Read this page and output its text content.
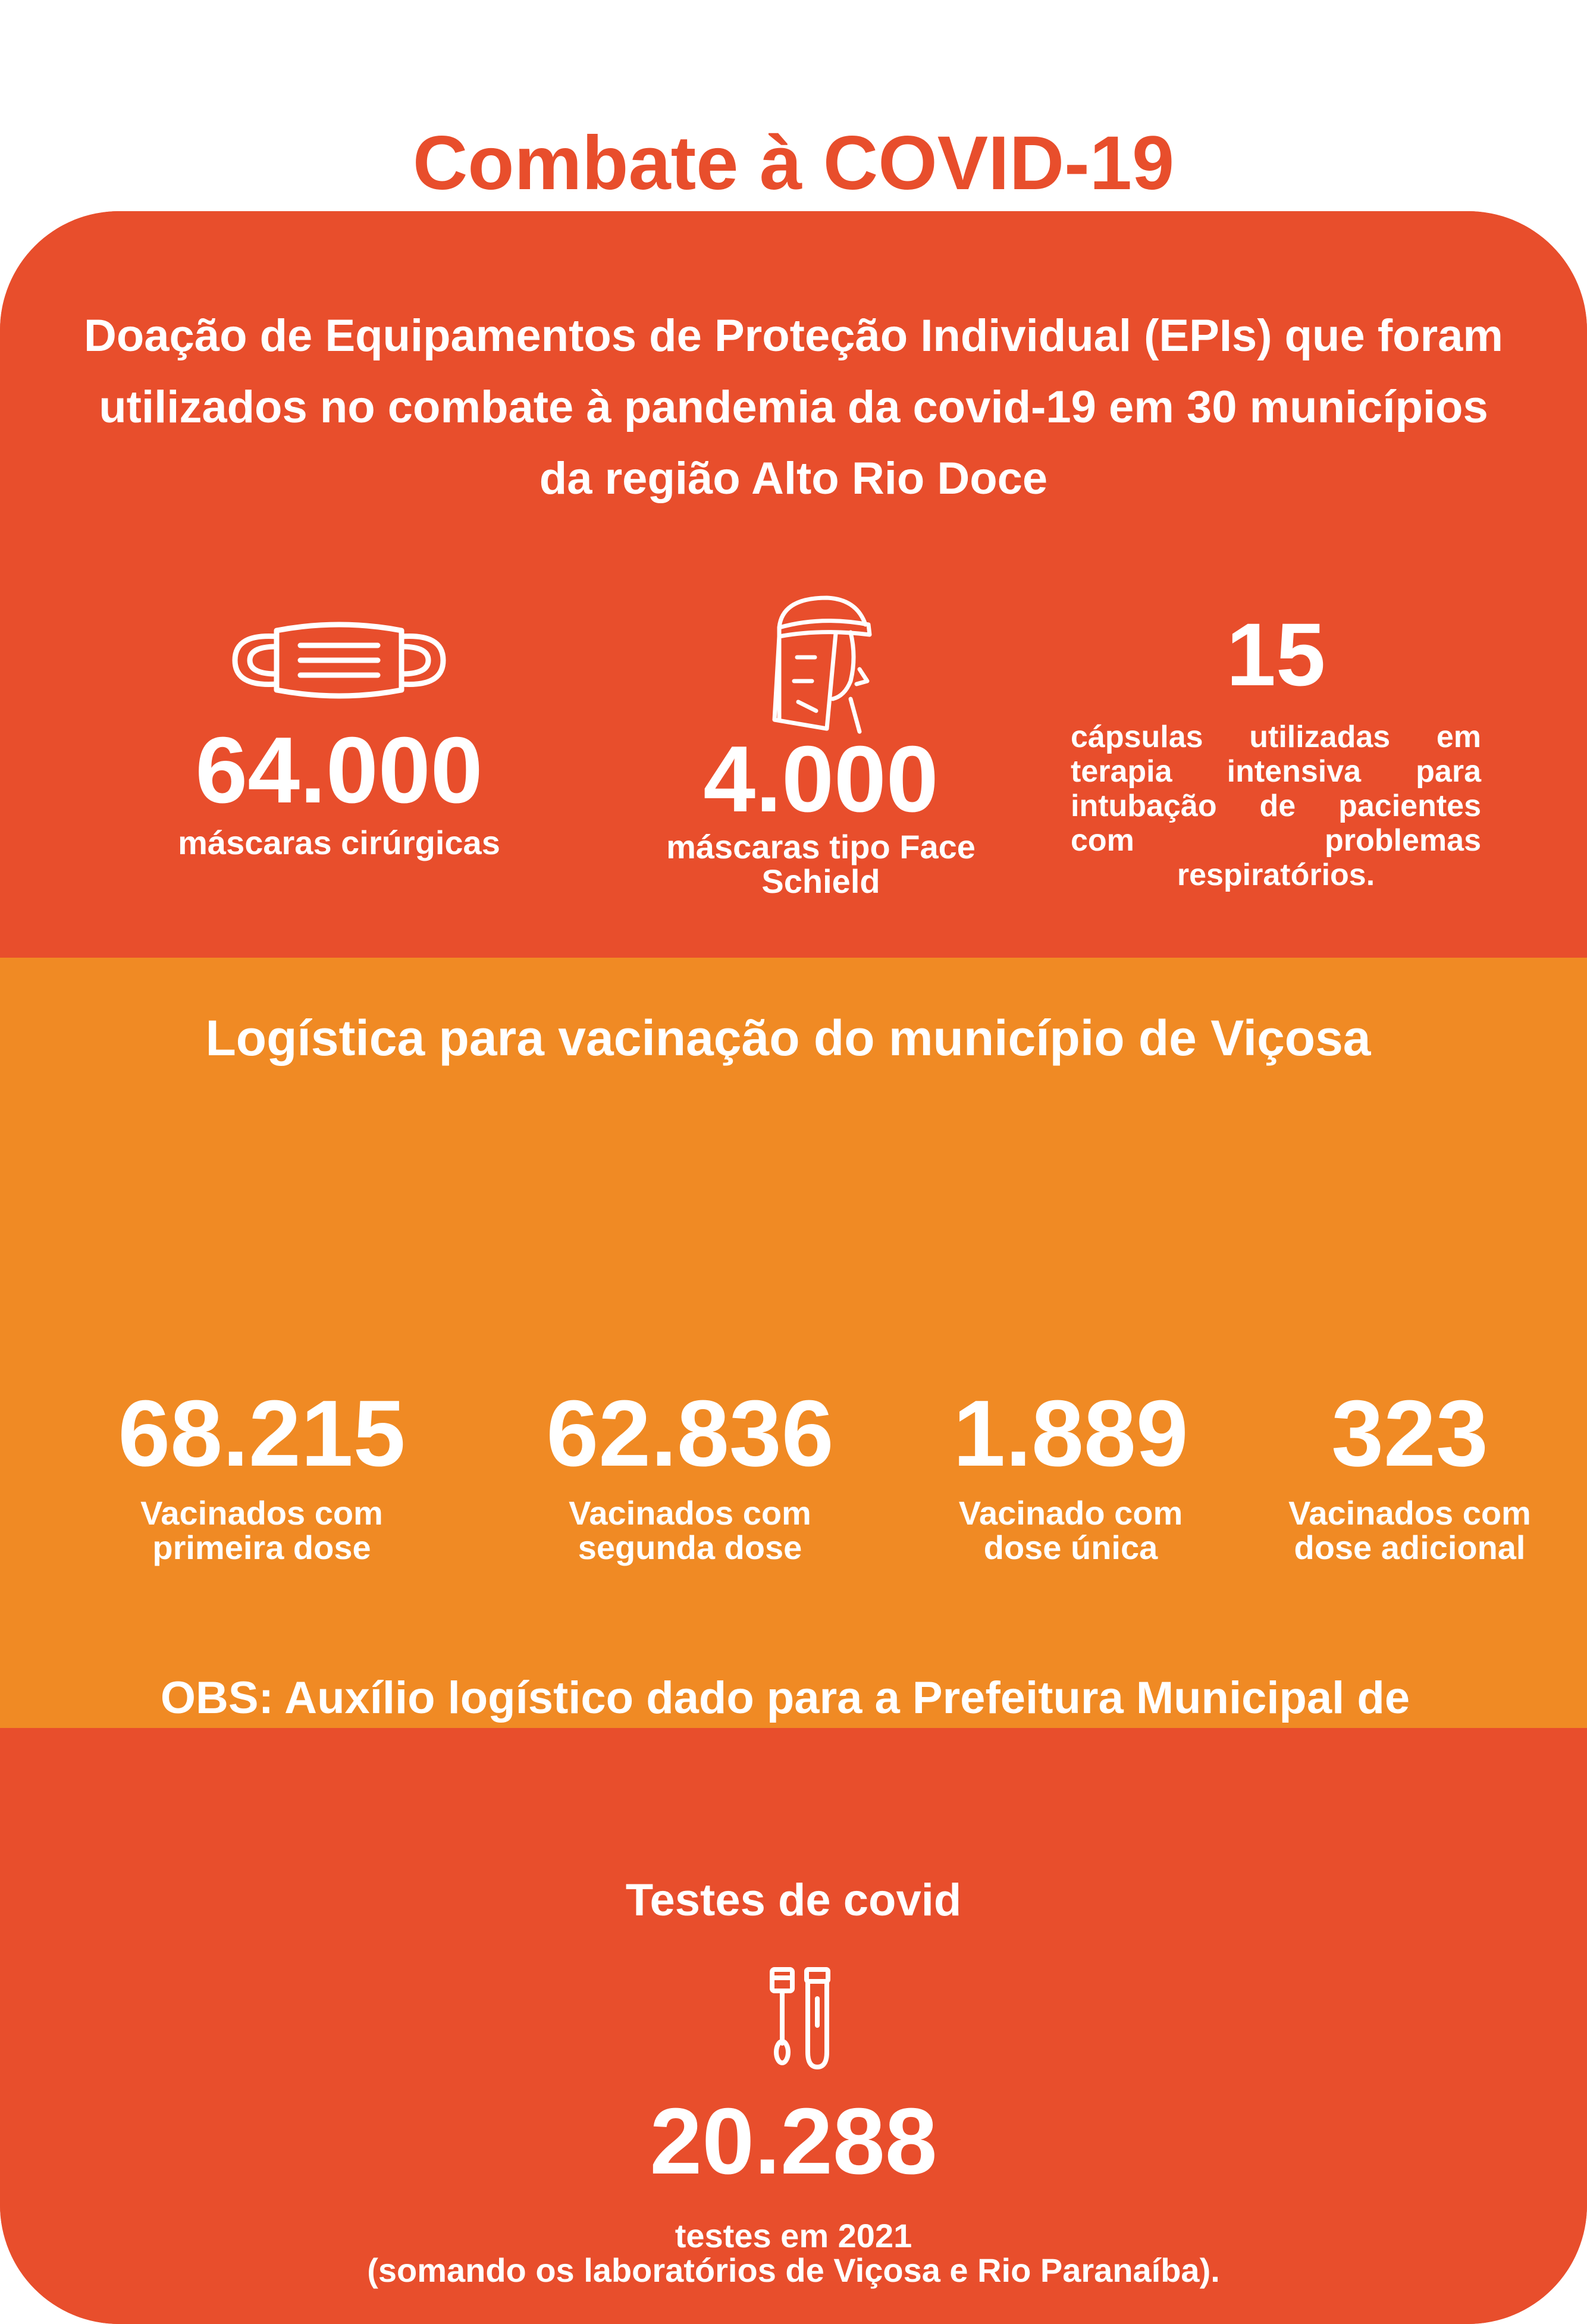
Combate à COVID-19

Doação de Equipamentos de Proteção Individual (EPIs) que foram utilizados no combate à pandemia da covid-19 em 30 municípios da região Alto Rio Doce

64.000
máscaras cirúrgicas
4.000
máscaras tipo Face Schield
15
cápsulas utilizadas em terapia intensiva para intubação de pacientes com problemas respiratórios.
Logística para vacinação do município de Viçosa
68.215
Vacinados com
primeira dose
62.836
Vacinados com
segunda dose
1.889
Vacinado com
dose única
323
Vacinados com
dose adicional

OBS: Auxílio logístico dado para a Prefeitura Municipal de

Testes de covid
20.288
testes em 2021
(somando os laboratórios de Viçosa e Rio Paranaíba).
